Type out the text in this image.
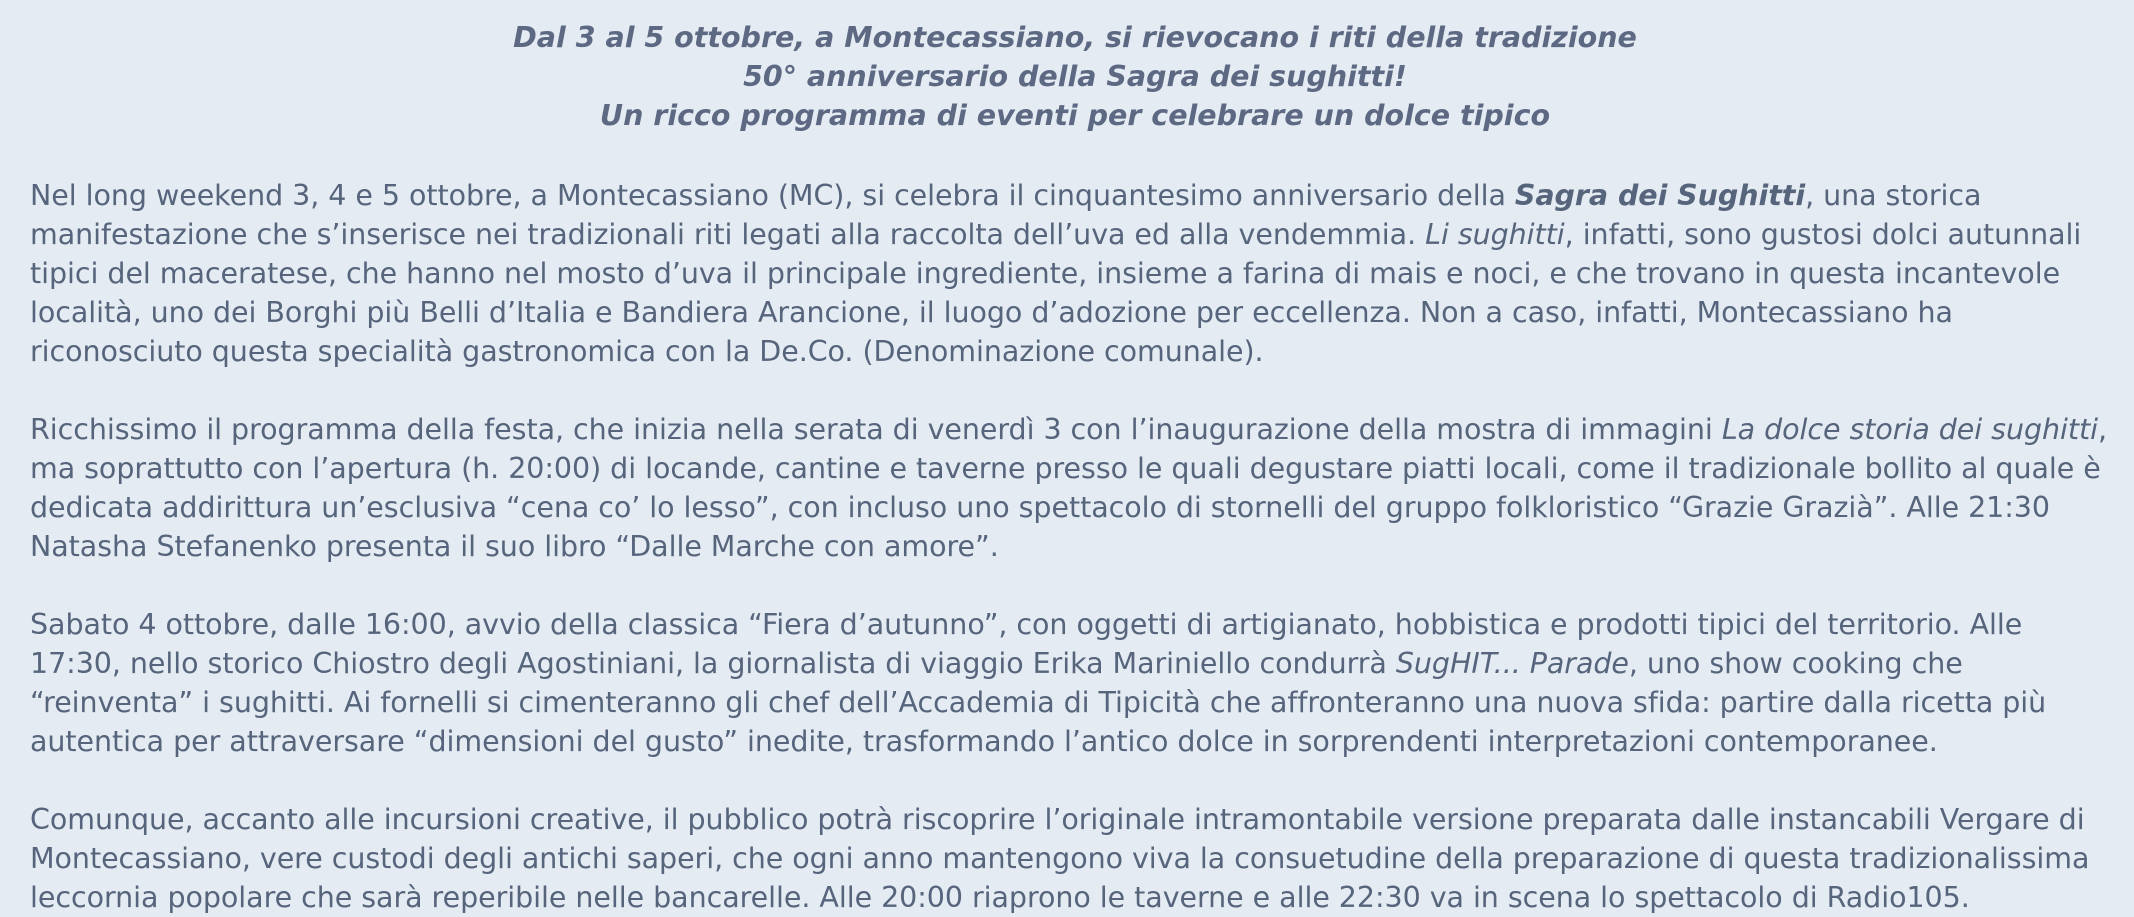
Dal 3 al 5 ottobre, a Montecassiano, si rievocano i riti della tradizione
50° anniversario della Sagra dei sughitti!
Un ricco programma di eventi per celebrare un dolce tipico

Nel long weekend 3, 4 e 5 ottobre, a Montecassiano (MC), si celebra il cinquantesimo anniversario della Sagra dei Sughitti, una storica manifestazione che s’inserisce nei tradizionali riti legati alla raccolta dell’uva ed alla vendemmia. Li sughitti, infatti, sono gustosi dolci autunnali tipici del maceratese, che hanno nel mosto d’uva il principale ingrediente, insieme a farina di mais e noci, e che trovano in questa incantevole località, uno dei Borghi più Belli d’Italia e Bandiera Arancione, il luogo d’adozione per eccellenza. Non a caso, infatti, Montecassiano ha riconosciuto questa specialità gastronomica con la De.Co. (Denominazione comunale).

Ricchissimo il programma della festa, che inizia nella serata di venerdì 3 con l’inaugurazione della mostra di immagini La dolce storia dei sughitti, ma soprattutto con l’apertura (h. 20:00) di locande, cantine e taverne presso le quali degustare piatti locali, come il tradizionale bollito al quale è dedicata addirittura un’esclusiva “cena co’ lo lesso”, con incluso uno spettacolo di stornelli del gruppo folkloristico “Grazie Grazià”. Alle 21:30 Natasha Stefanenko presenta il suo libro “Dalle Marche con amore”.

Sabato 4 ottobre, dalle 16:00, avvio della classica “Fiera d’autunno”, con oggetti di artigianato, hobbistica e prodotti tipici del territorio. Alle 17:30, nello storico Chiostro degli Agostiniani, la giornalista di viaggio Erika Mariniello condurrà SugHIT... Parade, uno show cooking che “reinventa” i sughitti. Ai fornelli si cimenteranno gli chef dell’Accademia di Tipicità che affronteranno una nuova sfida: partire dalla ricetta più autentica per attraversare “dimensioni del gusto” inedite, trasformando l’antico dolce in sorprendenti interpretazioni contemporanee.

Comunque, accanto alle incursioni creative, il pubblico potrà riscoprire l’originale intramontabile versione preparata dalle instancabili Vergare di Montecassiano, vere custodi degli antichi saperi, che ogni anno mantengono viva la consuetudine della preparazione di questa tradizionalissima leccornia popolare che sarà reperibile nelle bancarelle. Alle 20:00 riaprono le taverne e alle 22:30 va in scena lo spettacolo di Radio105.
